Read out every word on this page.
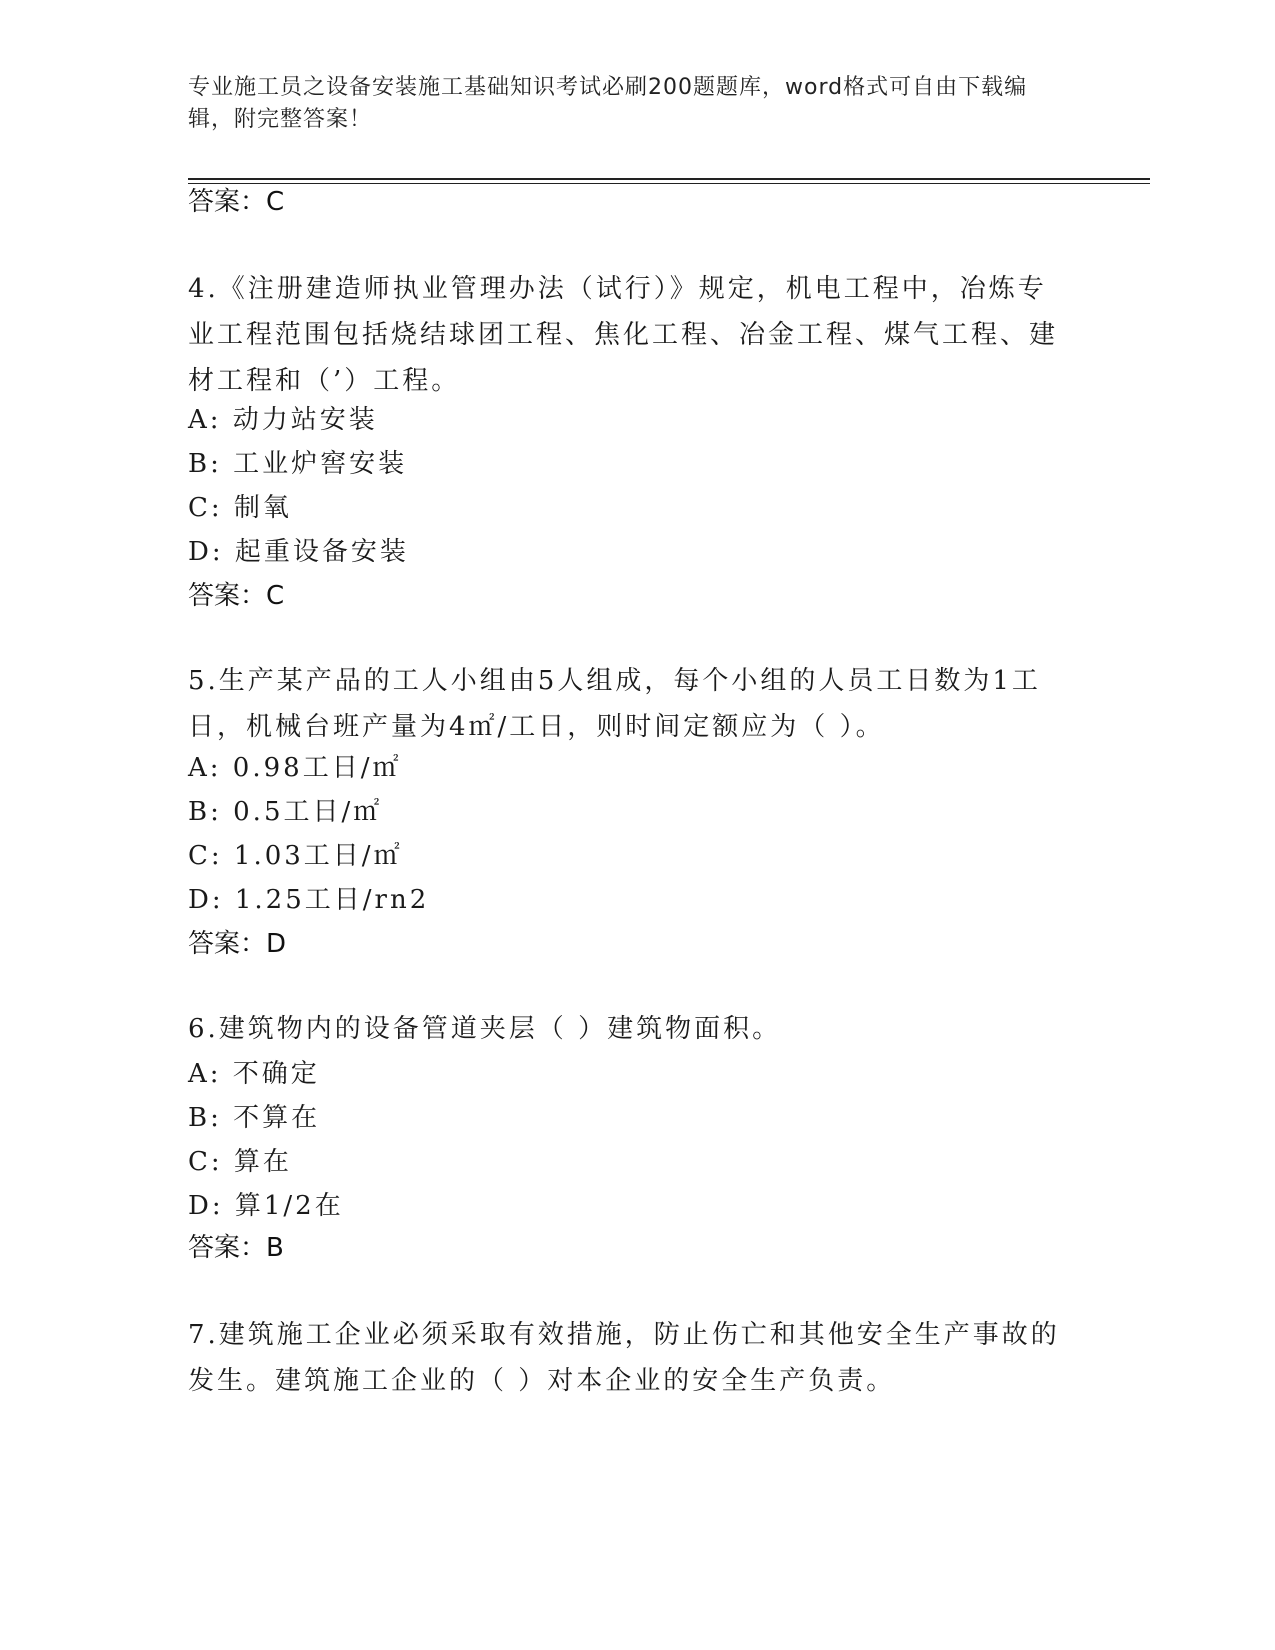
专业施工员之设备安装施工基础知识考试必刷200题题库，word格式可自由下载编辑，附完整答案！
答案：C
4.《注册建造师执业管理办法（试行）》规定，机电工程中，冶炼专业工程范围包括烧结球团工程、焦化工程、冶金工程、煤气工程、建材工程和（’）工程。
A: 动力站安装
B: 工业炉窖安装
C: 制氧
D: 起重设备安装
答案：C
5.生产某产品的工人小组由5人组成，每个小组的人员工日数为1工日，机械台班产量为4㎡/工日，则时间定额应为（ ）。
A: 0.98工日/㎡
B: 0.5工日/㎡
C: 1.03工日/㎡
D: 1.25工日/rn2
答案：D
6.建筑物内的设备管道夹层（ ）建筑物面积。
A: 不确定
B: 不算在
C: 算在
D: 算1/2在
答案：B
7.建筑施工企业必须采取有效措施，防止伤亡和其他安全生产事故的发生。建筑施工企业的（ ）对本企业的安全生产负责。
